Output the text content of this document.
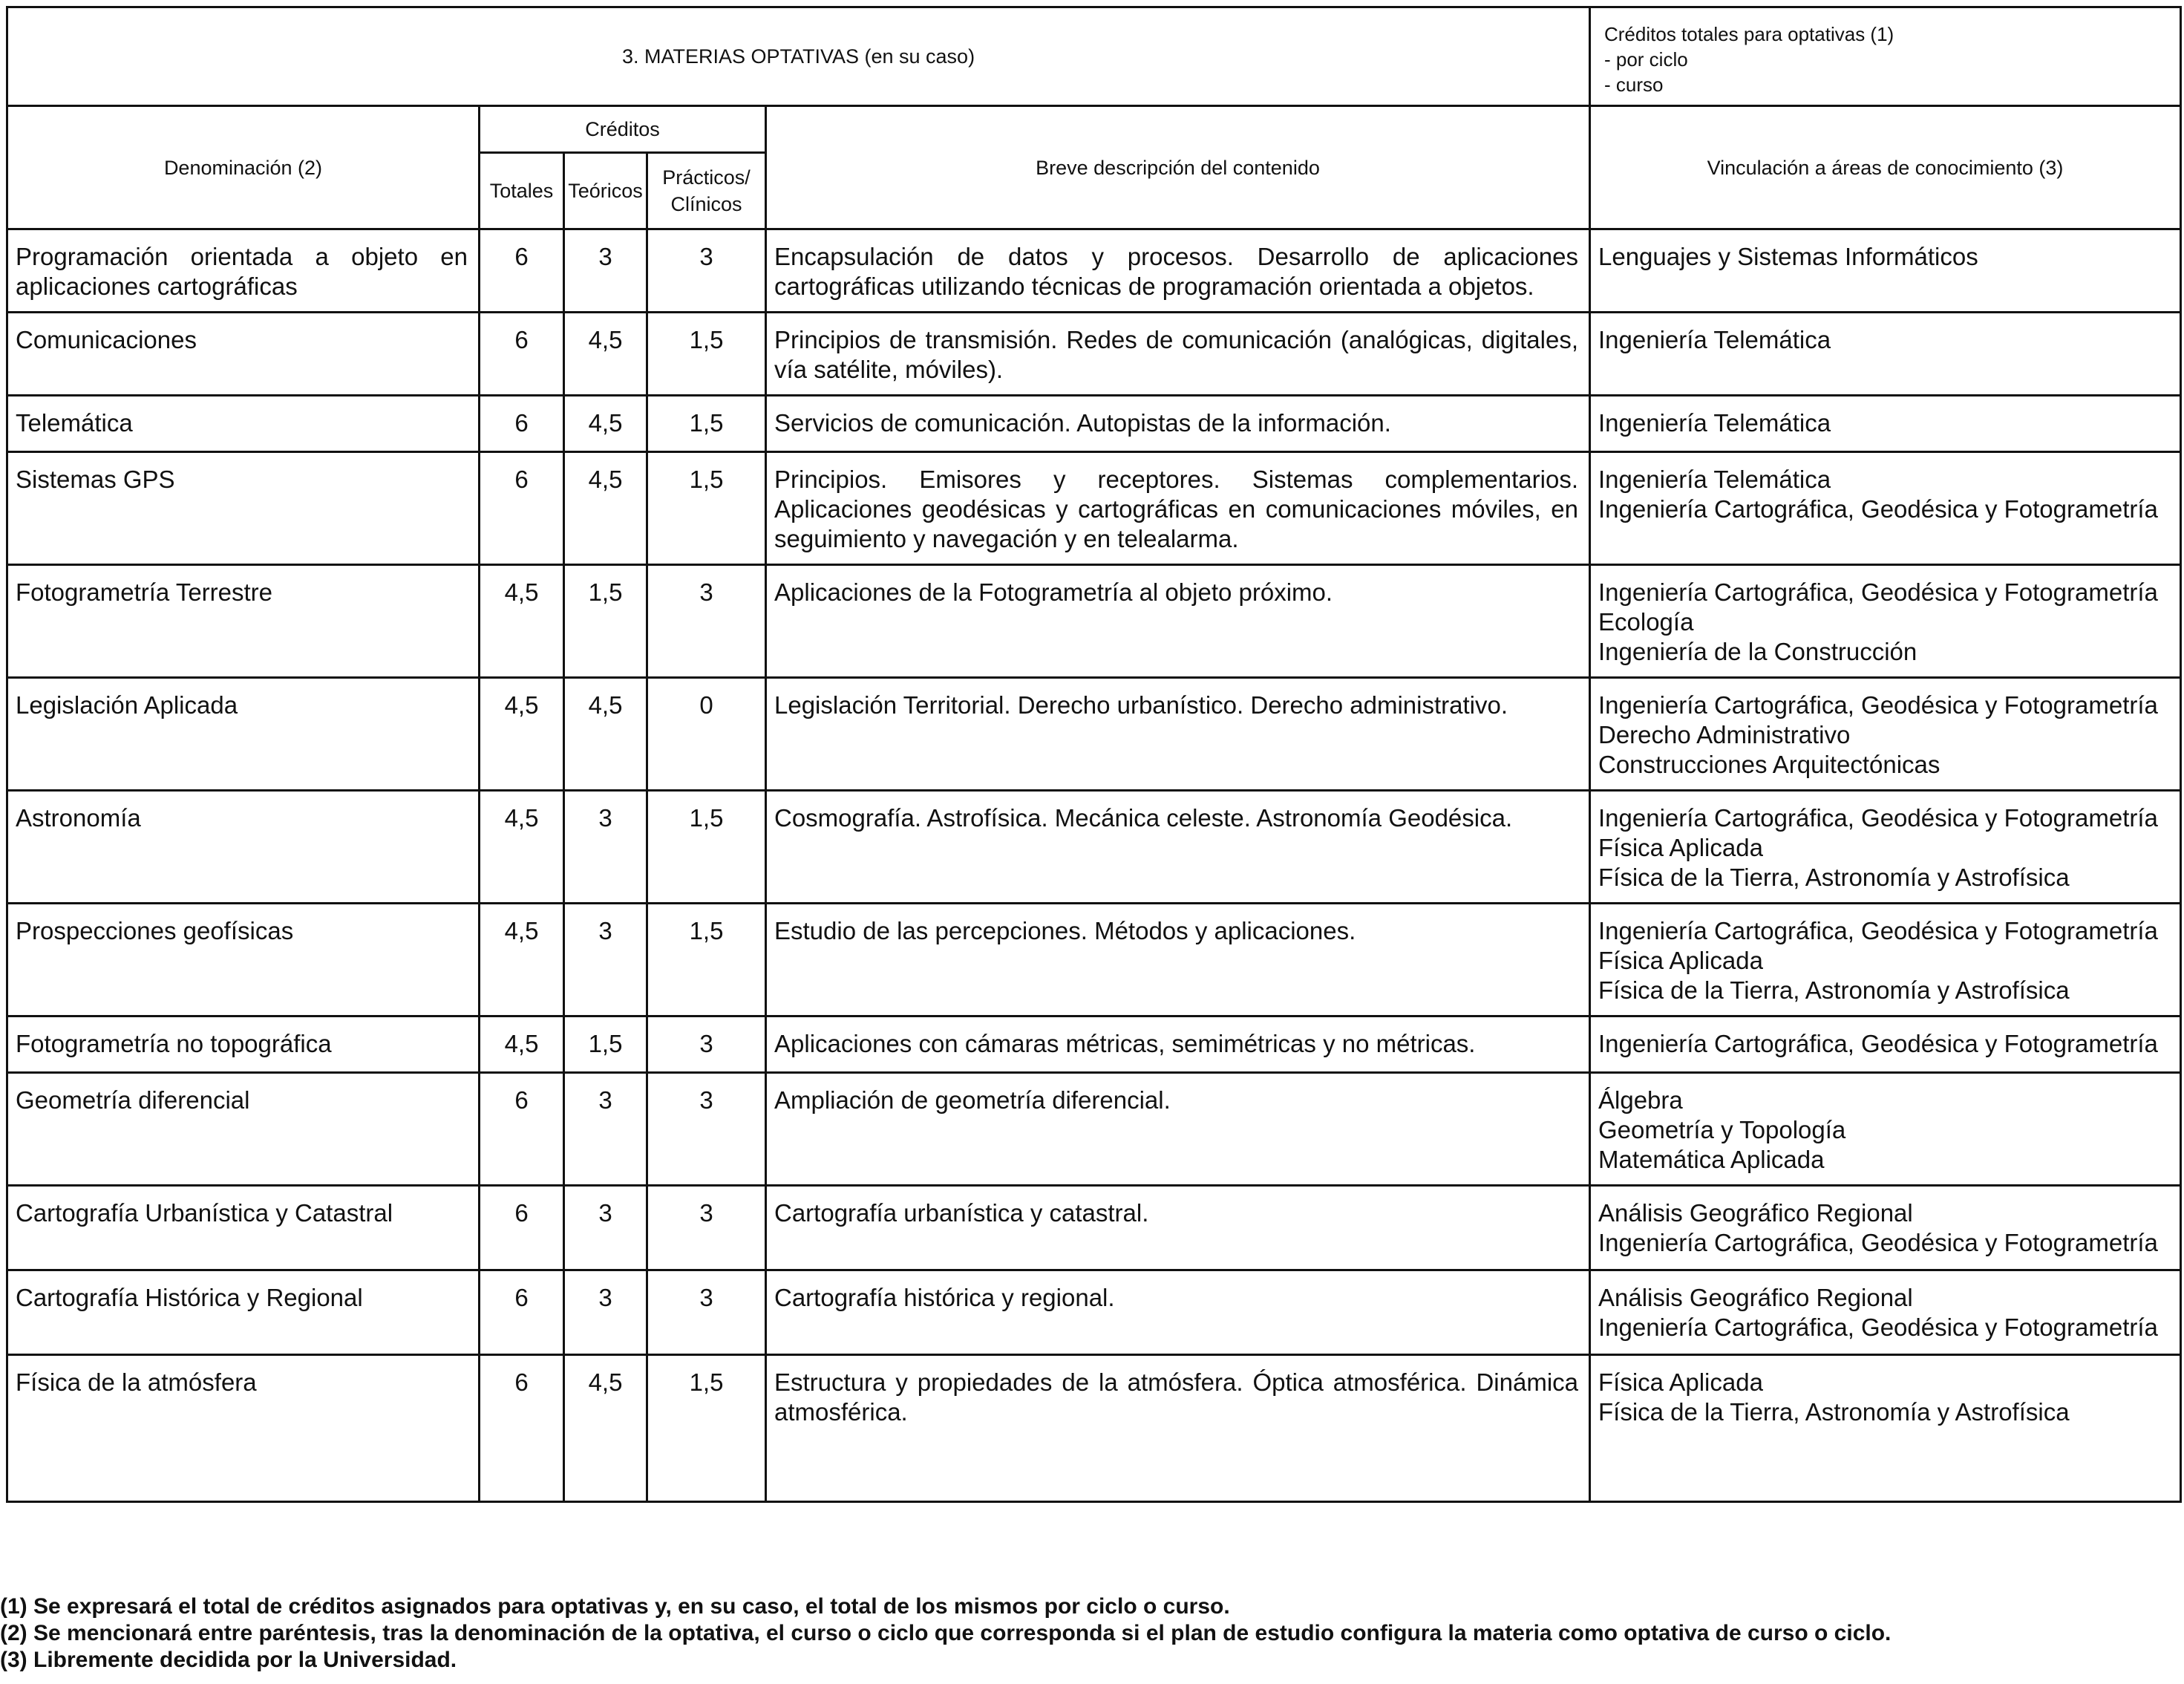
3. MATERIAS OPTATIVAS (en su caso)					Créditos totales para optativas (1)
- por ciclo
- curso

Denominación (2)	Créditos			Breve descripción del contenido	Vinculación a áreas de conocimiento (3)
	Totales	Teóricos	Prácticos/ Clínicos		
Programación orientada a objeto en aplicaciones cartográficas	6	3	3	Encapsulación de datos y procesos. Desarrollo de aplicaciones cartográficas utilizando técnicas de programación orientada a objetos.	Lenguajes y Sistemas Informáticos

Comunicaciones	6	4,5	1,5	Principios de transmisión. Redes de comunicación (analógicas, digitales, vía satélite, móviles).	Ingeniería Telemática

Telemática	6	4,5	1,5	Servicios de comunicación. Autopistas de la información.	Ingeniería Telemática

Sistemas GPS	6	4,5	1,5	Principios. Emisores y receptores. Sistemas complementarios. Aplicaciones geodésicas y cartográficas en comunicaciones móviles, en seguimiento y navegación y en telealarma.	Ingeniería Telemática
Ingeniería Cartográfica, Geodésica y Fotogrametría

Fotogrametría Terrestre	4,5	1,5	3	Aplicaciones de la Fotogrametría al objeto próximo.	Ingeniería Cartográfica, Geodésica y Fotogrametría
Ecología
Ingeniería de la Construcción

Legislación Aplicada	4,5	4,5	0	Legislación Territorial. Derecho urbanístico. Derecho administrativo.	Ingeniería Cartográfica, Geodésica y Fotogrametría
Derecho Administrativo
Construcciones Arquitectónicas

Astronomía	4,5	3	1,5	Cosmografía. Astrofísica. Mecánica celeste. Astronomía Geodésica.	Ingeniería Cartográfica, Geodésica y Fotogrametría
Física Aplicada
Física de la Tierra, Astronomía y Astrofísica

Prospecciones geofísicas	4,5	3	1,5	Estudio de las percepciones. Métodos y aplicaciones.	Ingeniería Cartográfica, Geodésica y Fotogrametría
Física Aplicada
Física de la Tierra, Astronomía y Astrofísica

Fotogrametría no topográfica	4,5	1,5	3	Aplicaciones con cámaras métricas, semimétricas y no métricas.	Ingeniería Cartográfica, Geodésica y Fotogrametría

Geometría diferencial	6	3	3	Ampliación de geometría diferencial.	Álgebra
Geometría y Topología
Matemática Aplicada

Cartografía Urbanística y Catastral	6	3	3	Cartografía urbanística y catastral.	Análisis Geográfico Regional
Ingeniería Cartográfica, Geodésica y Fotogrametría

Cartografía Histórica y Regional	6	3	3	Cartografía histórica y regional.	Análisis Geográfico Regional
Ingeniería Cartográfica, Geodésica y Fotogrametría

Física de la atmósfera	6	4,5	1,5	Estructura y propiedades de la atmósfera. Óptica atmosférica. Dinámica atmosférica.	Física Aplicada
Física de la Tierra, Astronomía y Astrofísica
(1) Se expresará el total de créditos asignados para optativas y, en su caso, el total de los mismos por ciclo o curso.
(2) Se mencionará entre paréntesis, tras la denominación de la optativa, el curso o ciclo que corresponda si el plan de estudio configura la materia como optativa de curso o ciclo.
(3) Libremente decidida por la Universidad.
